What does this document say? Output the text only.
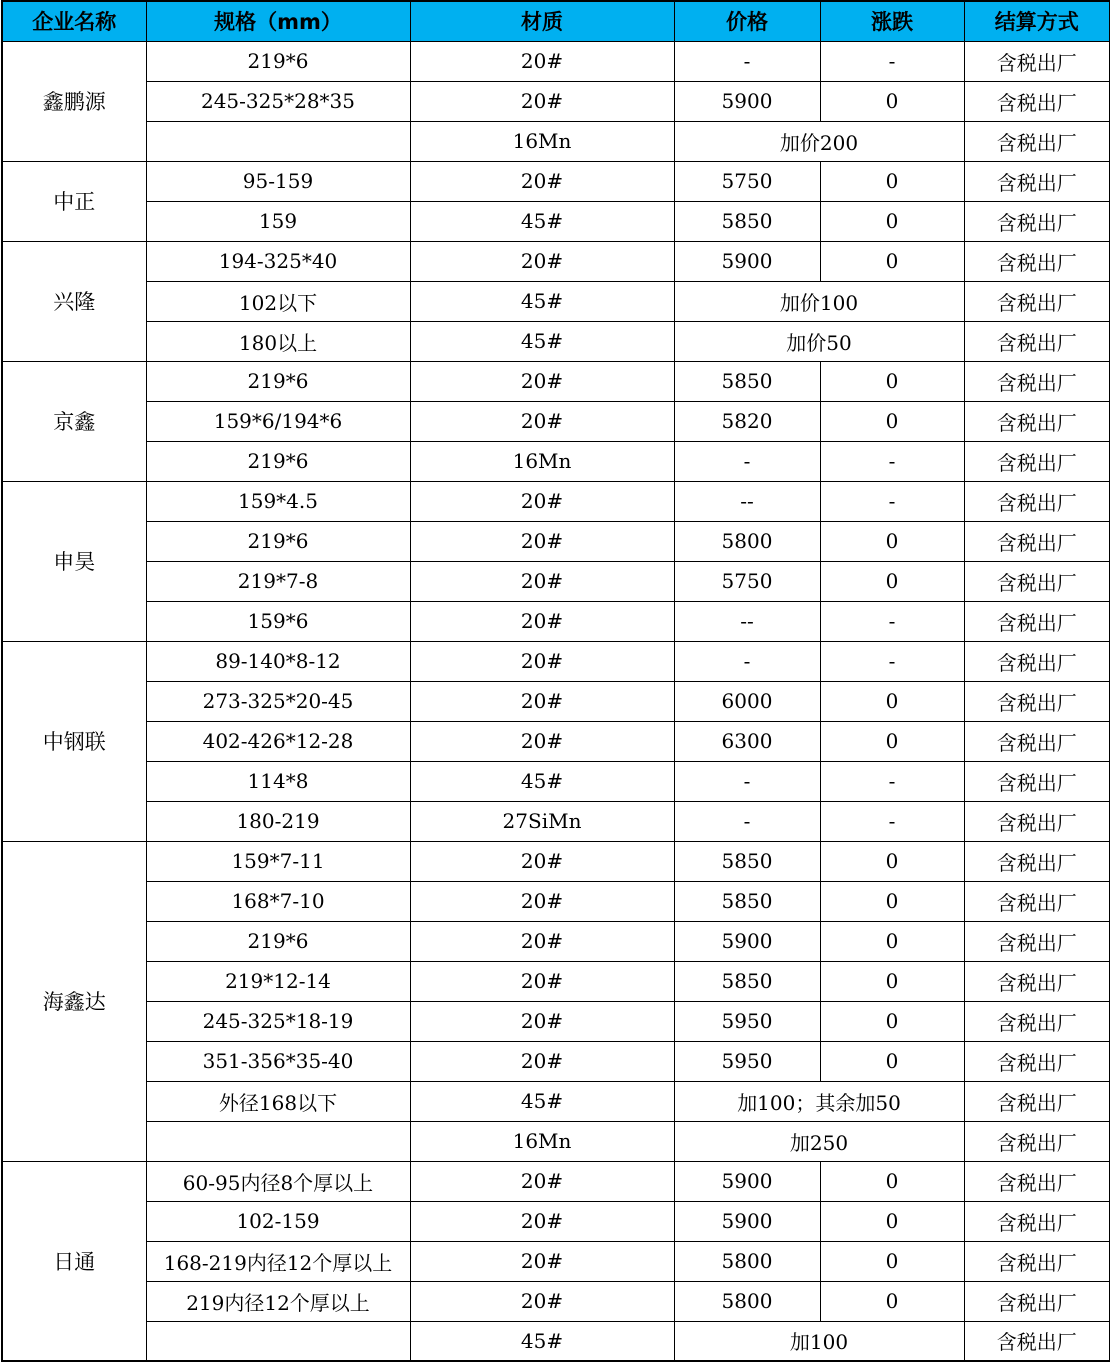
企业名称	规格（mm）	材质	价格	涨跌	结算方式
鑫鹏源	219*6	20#	-	-	含税出厂
	245-325*28*35	20#	5900	0	含税出厂
		16Mn	加价200		含税出厂
中正	95-159	20#	5750	0	含税出厂
	159	45#	5850	0	含税出厂
兴隆	194-325*40	20#	5900	0	含税出厂
	102以下	45#	加价100		含税出厂
	180以上	45#	加价50		含税出厂
京鑫	219*6	20#	5850	0	含税出厂
	159*6/194*6	20#	5820	0	含税出厂
	219*6	16Mn	-	-	含税出厂
申昊	159*4.5	20#	--	-	含税出厂
	219*6	20#	5800	0	含税出厂
	219*7-8	20#	5750	0	含税出厂
	159*6	20#	--	-	含税出厂
中钢联	89-140*8-12	20#	-	-	含税出厂
	273-325*20-45	20#	6000	0	含税出厂
	402-426*12-28	20#	6300	0	含税出厂
	114*8	45#	-	-	含税出厂
	180-219	27SiMn	-	-	含税出厂
海鑫达	159*7-11	20#	5850	0	含税出厂
	168*7-10	20#	5850	0	含税出厂
	219*6	20#	5900	0	含税出厂
	219*12-14	20#	5850	0	含税出厂
	245-325*18-19	20#	5950	0	含税出厂
	351-356*35-40	20#	5950	0	含税出厂
	外径168以下	45#	加100；其余加50		含税出厂
		16Mn	加250		含税出厂
日通	60-95内径8个厚以上	20#	5900	0	含税出厂
	102-159	20#	5900	0	含税出厂
	168-219内径12个厚以上	20#	5800	0	含税出厂
	219内径12个厚以上	20#	5800	0	含税出厂
		45#	加100		含税出厂
